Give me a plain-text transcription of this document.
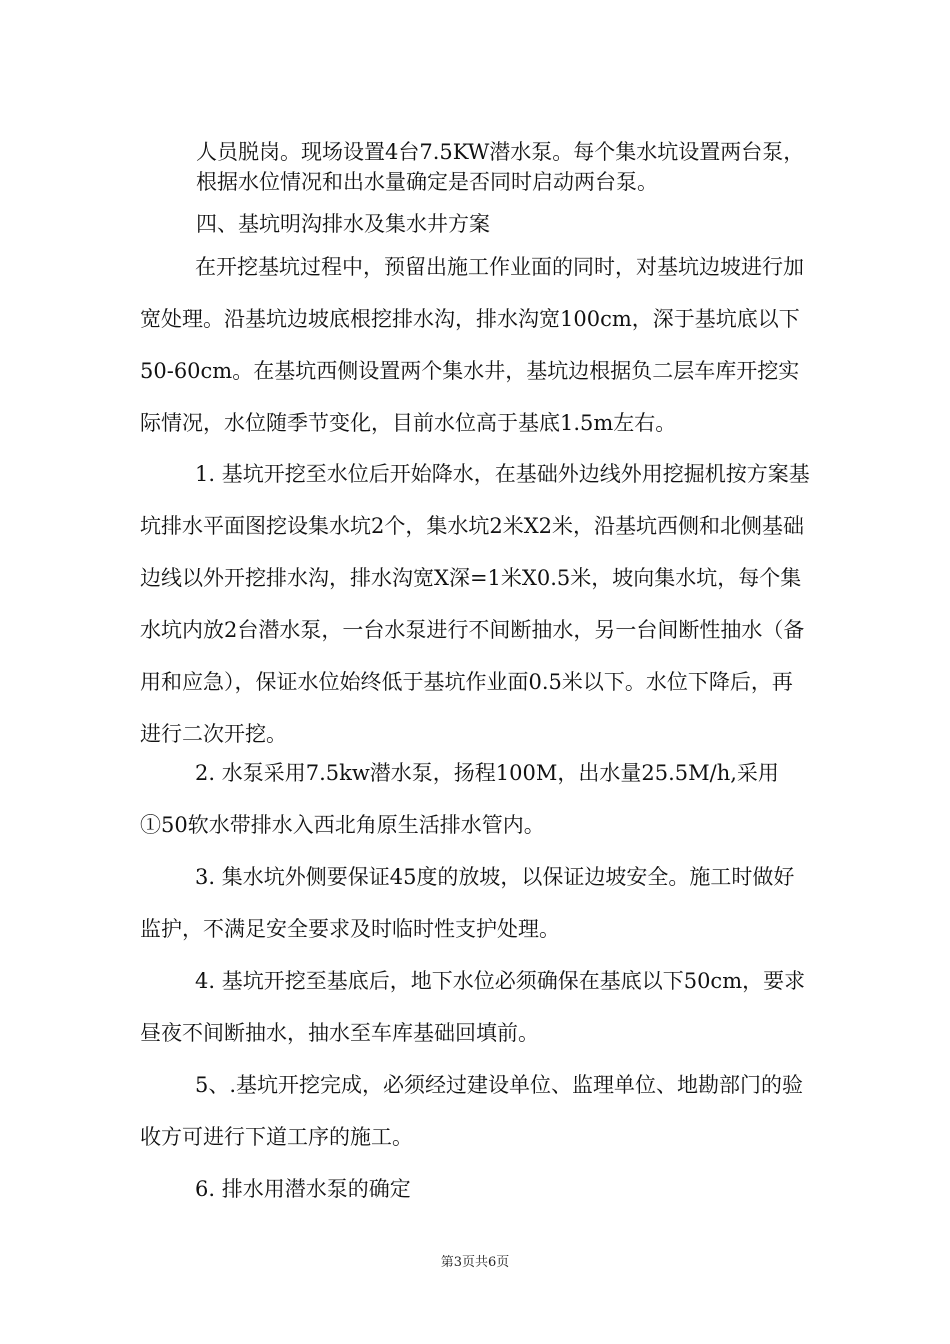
人员脱岗。现场设置4台7.5KW潜水泵。每个集水坑设置两台泵，根据水位情况和出水量确定是否同时启动两台泵。

四、基坑明沟排水及集水井方案

在开挖基坑过程中，预留出施工作业面的同时，对基坑边坡进行加宽处理。沿基坑边坡底根挖排水沟，排水沟宽100cm，深于基坑底以下50-60cm。在基坑西侧设置两个集水井，基坑边根据负二层车库开挖实际情况，水位随季节变化，目前水位高于基底1.5m左右。

1. 基坑开挖至水位后开始降水，在基础外边线外用挖掘机按方案基坑排水平面图挖设集水坑2个，集水坑2米X2米，沿基坑西侧和北侧基础边线以外开挖排水沟，排水沟宽X深=1米X0.5米，坡向集水坑，每个集水坑内放2台潜水泵，一台水泵进行不间断抽水，另一台间断性抽水（备用和应急），保证水位始终低于基坑作业面0.5米以下。水位下降后，再进行二次开挖。

2. 水泵采用7.5kw潜水泵，扬程100M，出水量25.5M/h,采用①50软水带排水入西北角原生活排水管内。

3. 集水坑外侧要保证45度的放坡，以保证边坡安全。施工时做好监护，不满足安全要求及时临时性支护处理。

4. 基坑开挖至基底后，地下水位必须确保在基底以下50cm，要求昼夜不间断抽水，抽水至车库基础回填前。

5、.基坑开挖完成，必须经过建设单位、监理单位、地勘部门的验收方可进行下道工序的施工。

6. 排水用潜水泵的确定

第3页共6页
